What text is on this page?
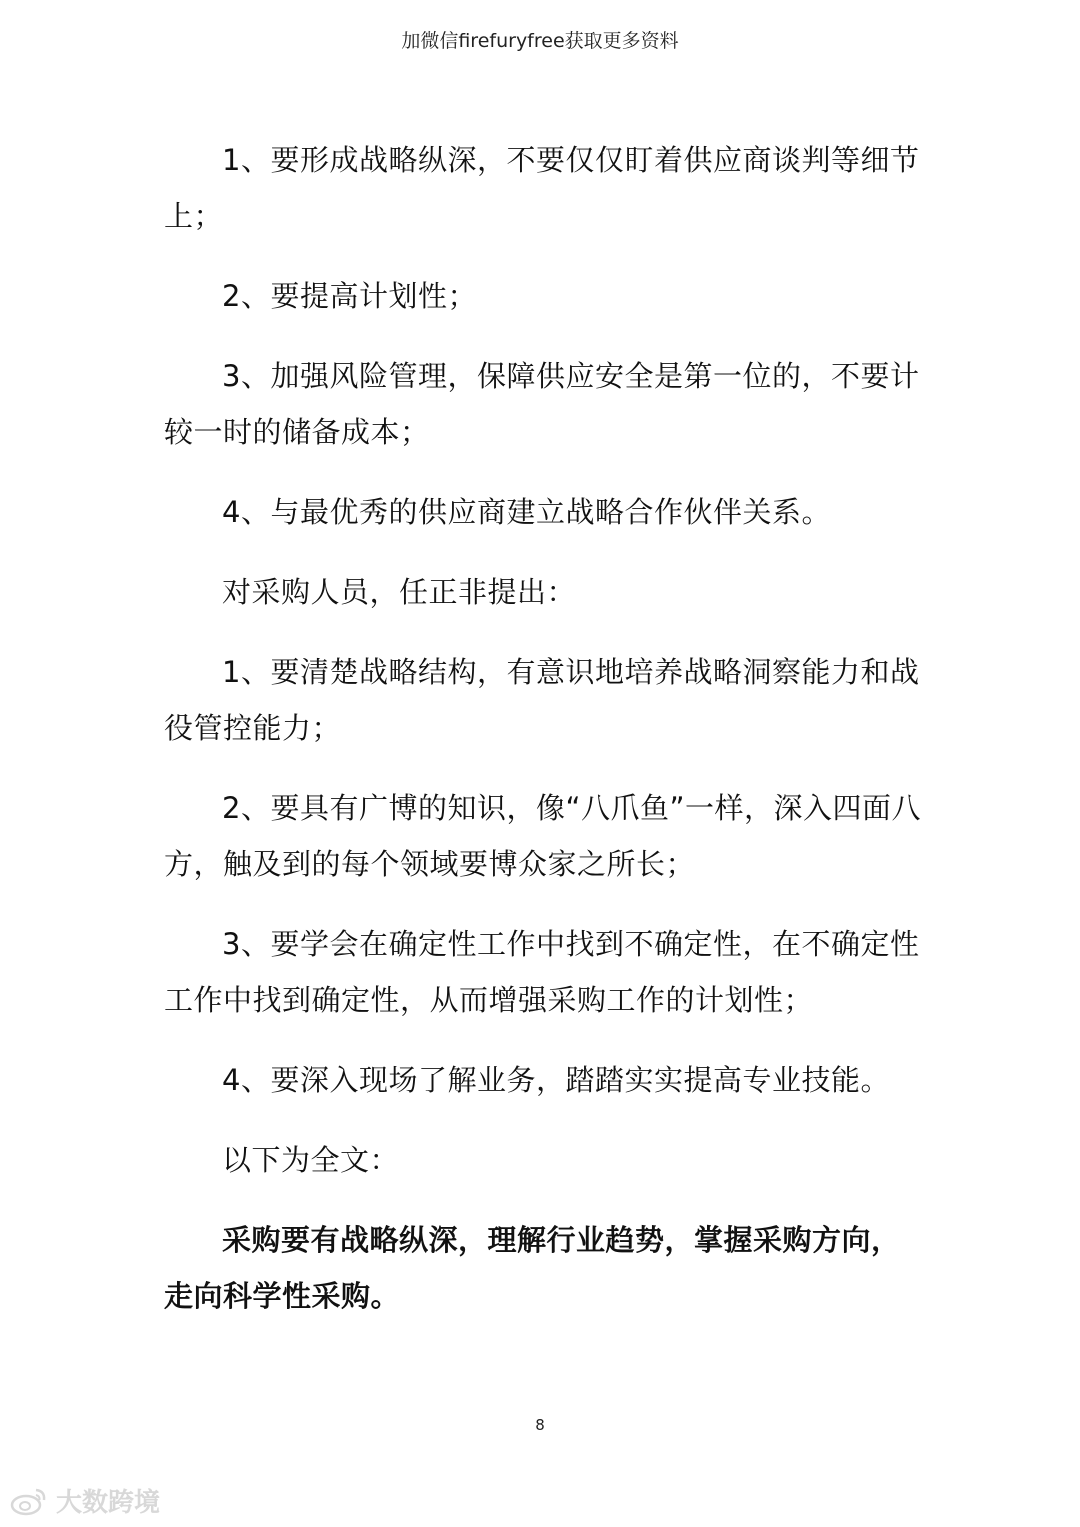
加微信firefuryfree获取更多资料

1、要形成战略纵深，不要仅仅盯着供应商谈判等细节上；

2、要提高计划性；

3、加强风险管理，保障供应安全是第一位的，不要计较一时的储备成本；

4、与最优秀的供应商建立战略合作伙伴关系。

对采购人员，任正非提出：

1、要清楚战略结构，有意识地培养战略洞察能力和战役管控能力；

2、要具有广博的知识，像“八爪鱼”一样，深入四面八方，触及到的每个领域要博众家之所长；

3、要学会在确定性工作中找到不确定性，在不确定性工作中找到确定性，从而增强采购工作的计划性；

4、要深入现场了解业务，踏踏实实提高专业技能。

以下为全文：

采购要有战略纵深，理解行业趋势，掌握采购方向，走向科学性采购。

8
大数跨境
